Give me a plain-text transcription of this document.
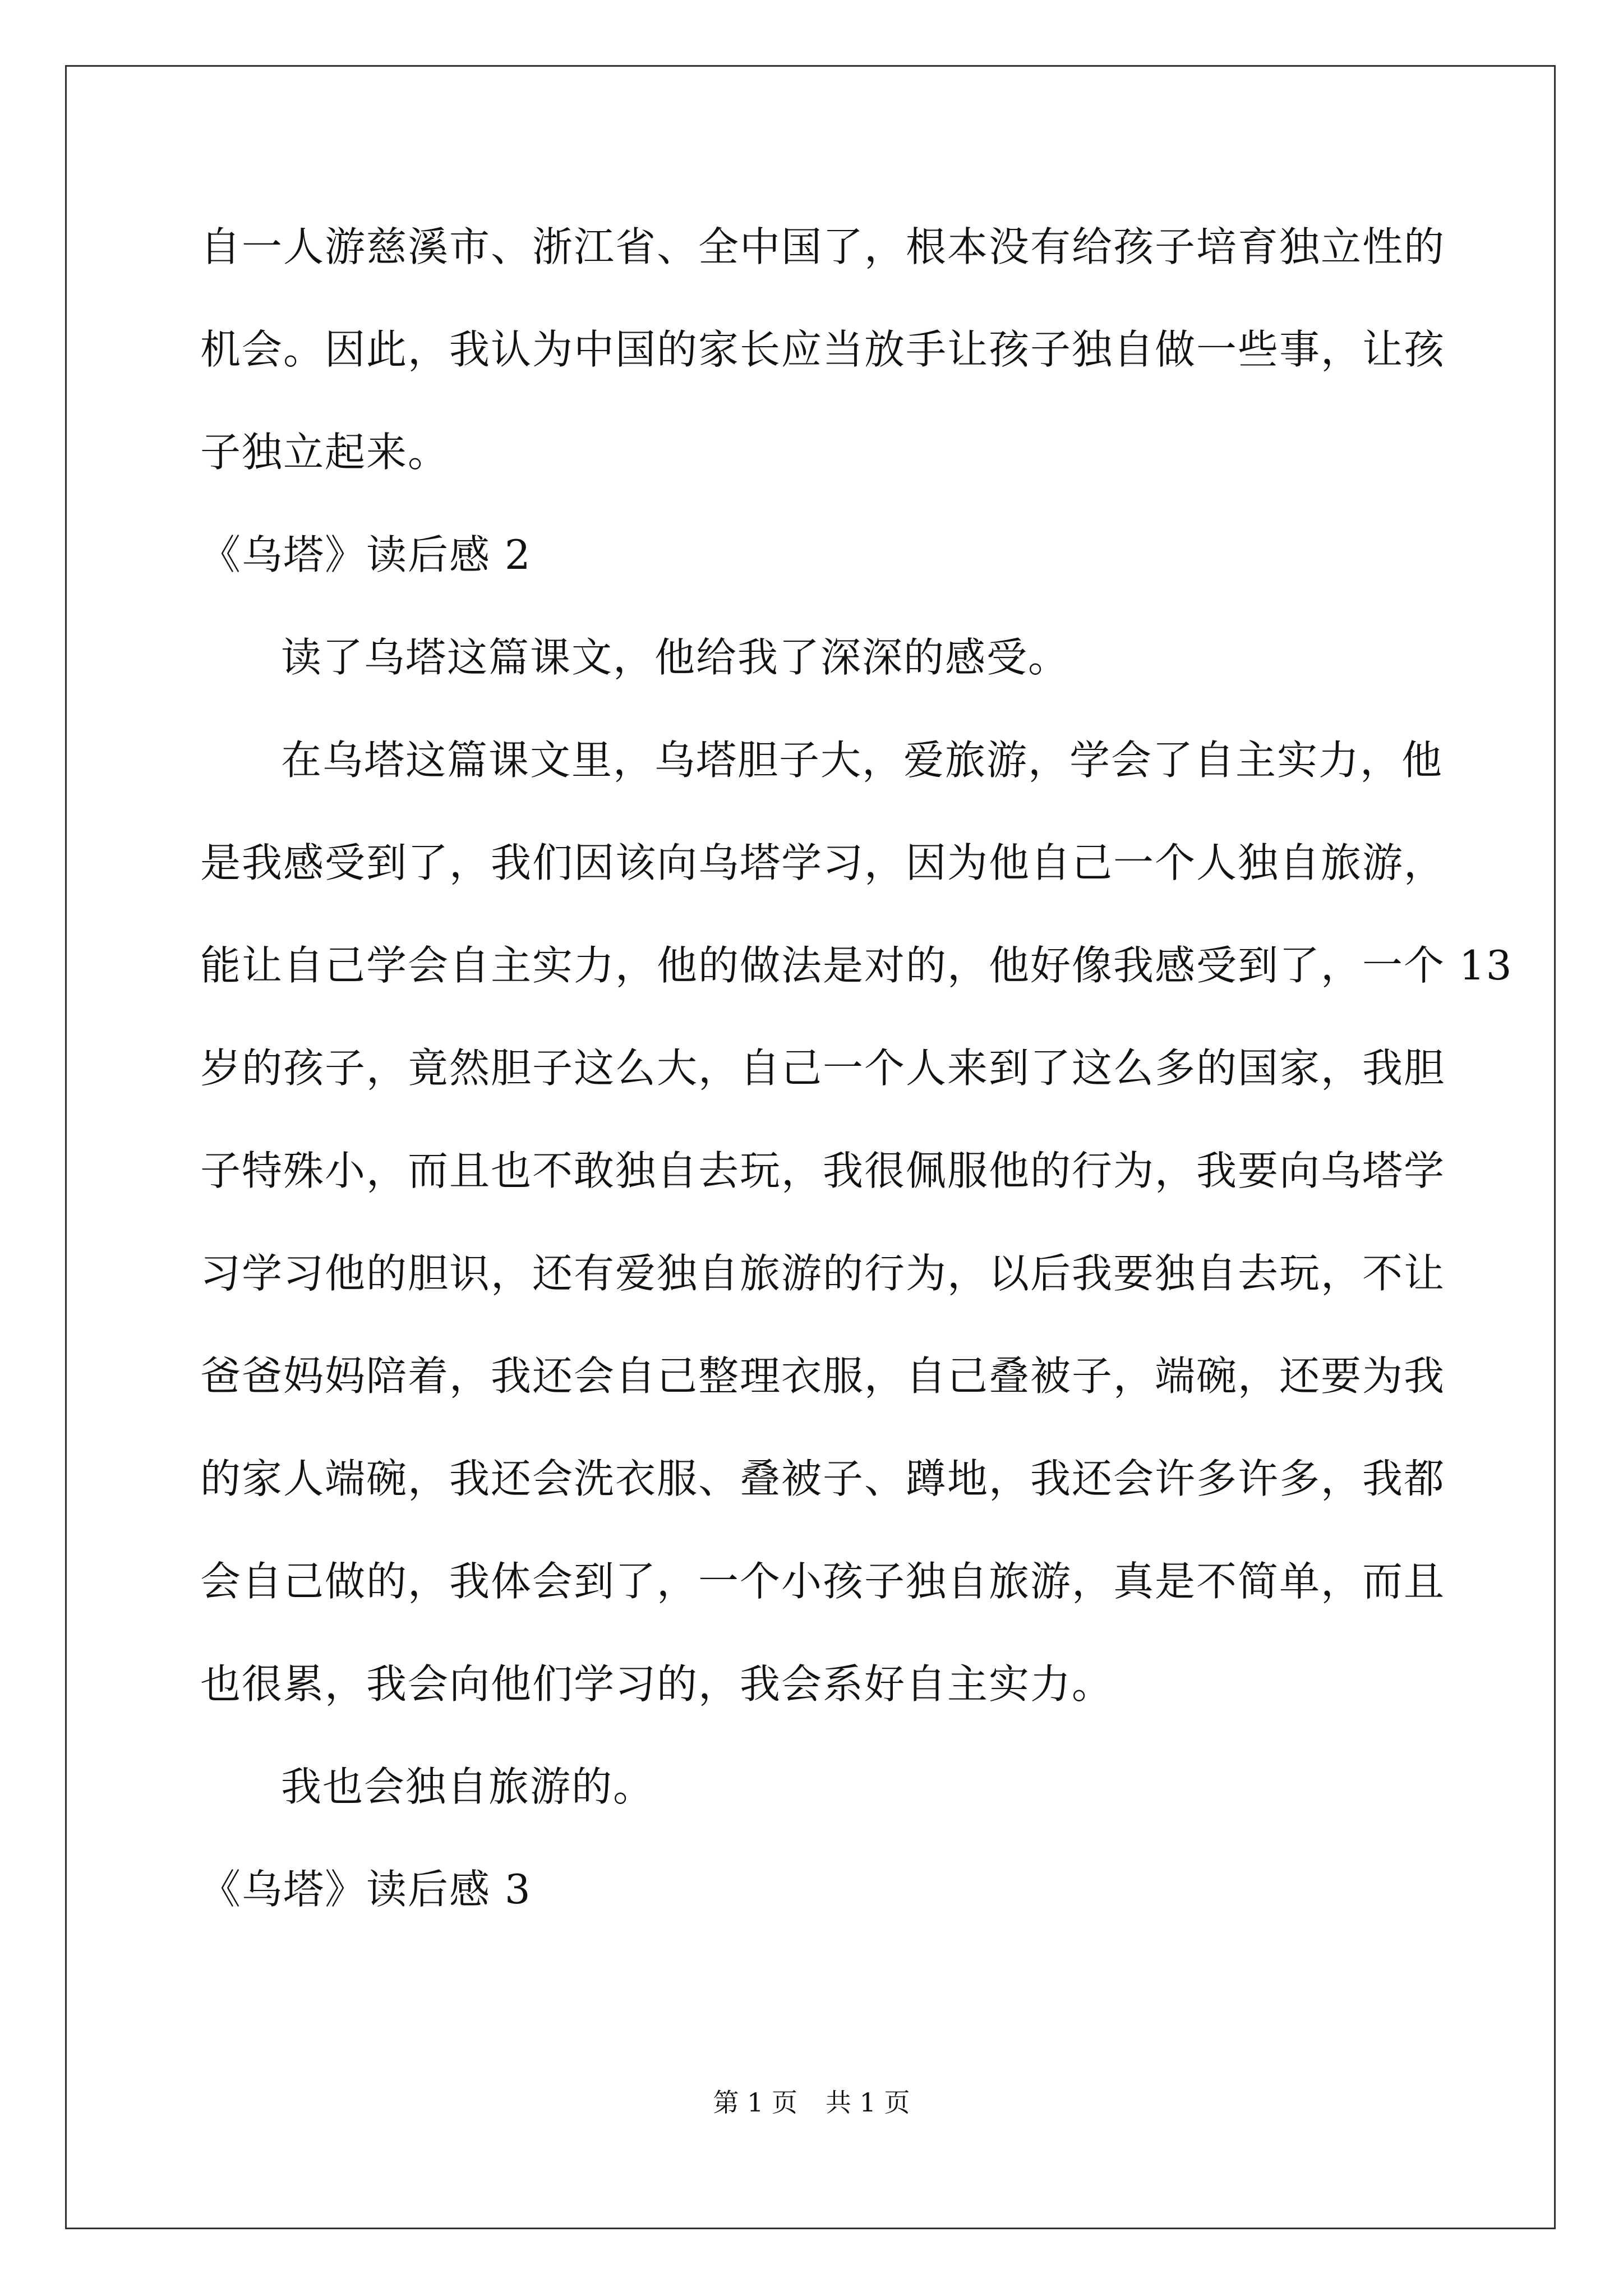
自一人游慈溪市、浙江省、全中国了，根本没有给孩子培育独立性的
机会。因此，我认为中国的家长应当放手让孩子独自做一些事，让孩
子独立起来。
《乌塔》读后感 2
读了乌塔这篇课文，他给我了深深的感受。
在乌塔这篇课文里，乌塔胆子大，爱旅游，学会了自主实力，他
是我感受到了，我们因该向乌塔学习，因为他自己一个人独自旅游，
能让自己学会自主实力，他的做法是对的，他好像我感受到了，一个 13
岁的孩子，竟然胆子这么大，自己一个人来到了这么多的国家，我胆
子特殊小，而且也不敢独自去玩，我很佩服他的行为，我要向乌塔学
习学习他的胆识，还有爱独自旅游的行为，以后我要独自去玩，不让
爸爸妈妈陪着，我还会自己整理衣服，自己叠被子，端碗，还要为我
的家人端碗，我还会洗衣服、叠被子、蹲地，我还会许多许多，我都
会自己做的，我体会到了，一个小孩子独自旅游，真是不简单，而且
也很累，我会向他们学习的，我会系好自主实力。
我也会独自旅游的。
《乌塔》读后感 3
第 1 页 共 1 页
